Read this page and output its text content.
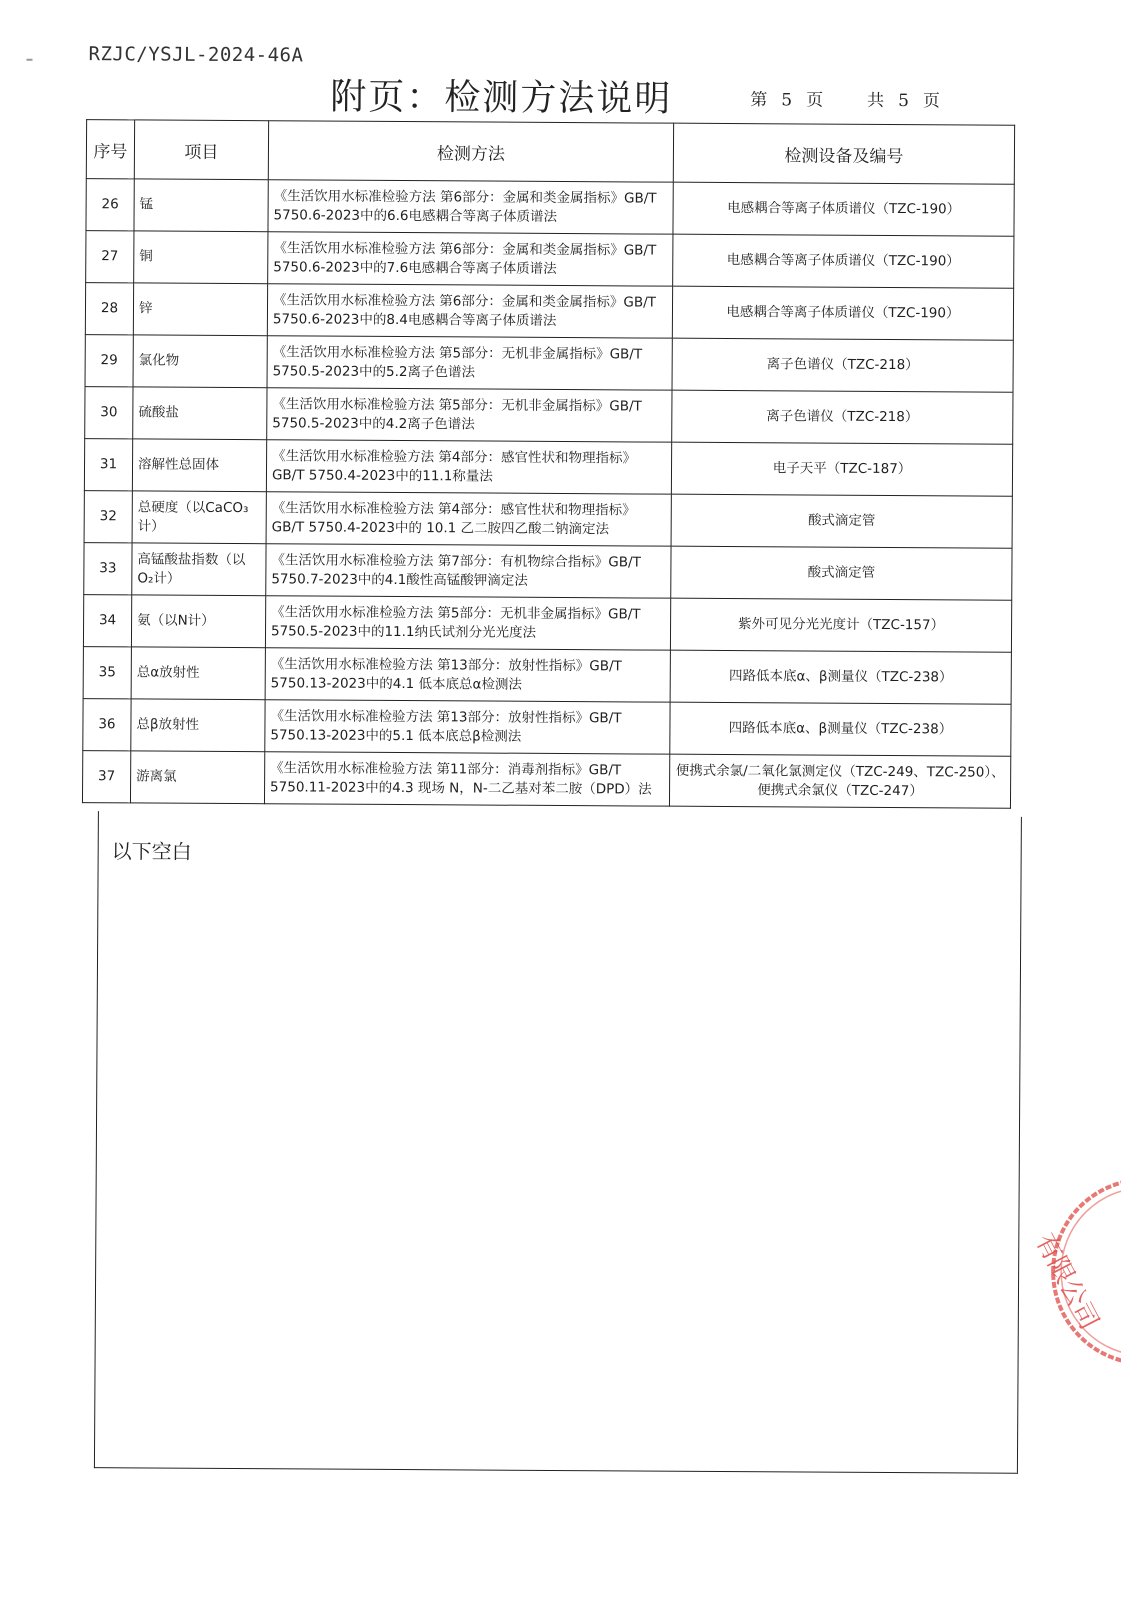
RZJC/YSJL-2024-46A
附页：检测方法说明	第 5 页	共 5 页
序号	项目	检测方法	检测设备及编号
26	锰	《生活饮用水标准检验方法 第6部分：金属和类金属指标》GB/T 5750.6-2023中的6.6电感耦合等离子体质谱法	电感耦合等离子体质谱仪（TZC-190）
27	铜	《生活饮用水标准检验方法 第6部分：金属和类金属指标》GB/T 5750.6-2023中的7.6电感耦合等离子体质谱法	电感耦合等离子体质谱仪（TZC-190）
28	锌	《生活饮用水标准检验方法 第6部分：金属和类金属指标》GB/T 5750.6-2023中的8.4电感耦合等离子体质谱法	电感耦合等离子体质谱仪（TZC-190）
29	氯化物	《生活饮用水标准检验方法 第5部分：无机非金属指标》GB/T 5750.5-2023中的5.2离子色谱法	离子色谱仪（TZC-218）
30	硫酸盐	《生活饮用水标准检验方法 第5部分：无机非金属指标》GB/T 5750.5-2023中的4.2离子色谱法	离子色谱仪（TZC-218）
31	溶解性总固体	《生活饮用水标准检验方法 第4部分：感官性状和物理指标》GB/T 5750.4-2023中的11.1称量法	电子天平（TZC-187）
32	总硬度（以CaCO₃计）	《生活饮用水标准检验方法 第4部分：感官性状和物理指标》GB/T 5750.4-2023中的 10.1 乙二胺四乙酸二钠滴定法	酸式滴定管
33	高锰酸盐指数（以O₂计）	《生活饮用水标准检验方法 第7部分：有机物综合指标》GB/T 5750.7-2023中的4.1酸性高锰酸钾滴定法	酸式滴定管
34	氨（以N计）	《生活饮用水标准检验方法 第5部分：无机非金属指标》GB/T 5750.5-2023中的11.1纳氏试剂分光光度法	紫外可见分光光度计（TZC-157）
35	总α放射性	《生活饮用水标准检验方法 第13部分：放射性指标》GB/T 5750.13-2023中的4.1 低本底总α检测法	四路低本底α、β测量仪（TZC-238）
36	总β放射性	《生活饮用水标准检验方法 第13部分：放射性指标》GB/T 5750.13-2023中的5.1 低本底总β检测法	四路低本底α、β测量仪（TZC-238）
37	游离氯	《生活饮用水标准检验方法 第11部分：消毒剂指标》GB/T 5750.11-2023中的4.3 现场 N，N-二乙基对苯二胺（DPD）法	便携式余氯/二氧化氯测定仪（TZC-249、TZC-250）、便携式余氯仪（TZC-247）
以下空白
有限公司
